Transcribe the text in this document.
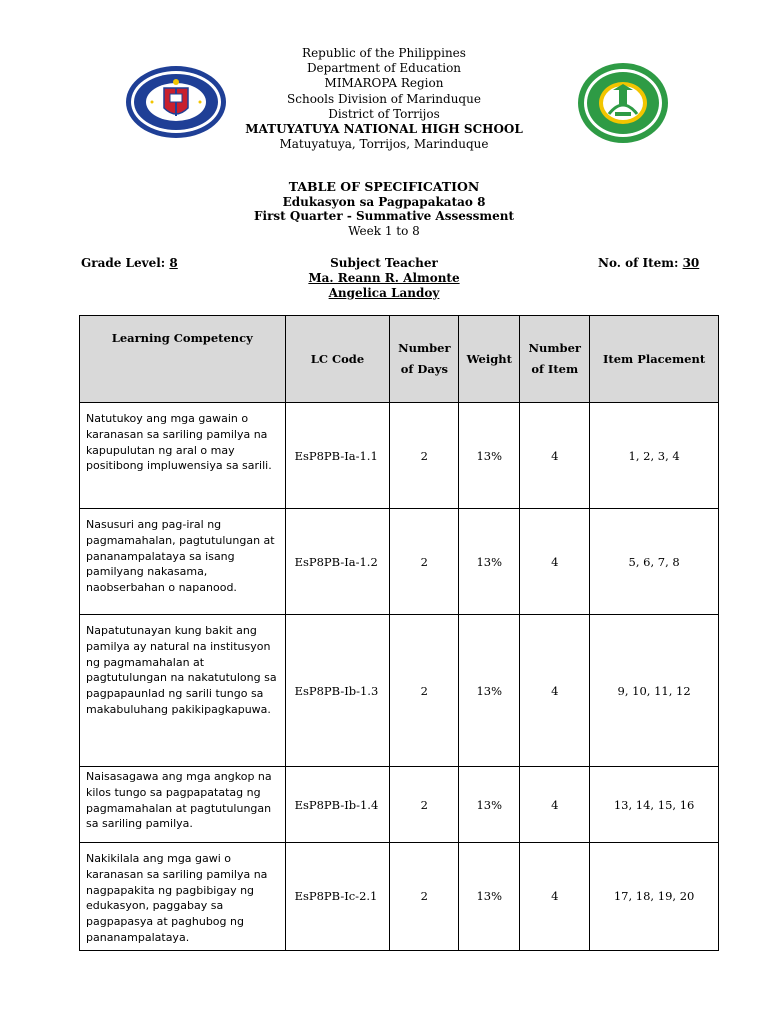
Republic of the Philippines
Department of Education
MIMAROPA Region
Schools Division of Marinduque
District of Torrijos
MATUYATUYA NATIONAL HIGH SCHOOL
Matuyatuya, Torrijos, Marinduque
TABLE OF SPECIFICATION
Edukasyon sa Pagpapakatao 8
First Quarter - Summative Assessment
Week 1 to 8
Grade Level: 8	Subject Teacher
Ma. Reann R. Almonte
Angelica Landoy
No. of Item: 30
Learning Competency	LC Code	Number of Days	Weight	Number of Item	Item Placement
Natutukoy ang mga gawain o karanasan sa sariling pamilya na kapupulutan ng aral o may positibong impluwensiya sa sarili.	EsP8PB-Ia-1.1	2	13%	4	1, 2, 3, 4
Nasusuri ang pag-iral ng pagmamahalan, pagtutulungan at pananampalataya sa isang pamilyang nakasama, naobserbahan o napanood.	EsP8PB-Ia-1.2	2	13%	4	5, 6, 7, 8
Napatutunayan kung bakit ang pamilya ay natural na institusyon ng pagmamahalan at pagtutulungan na nakatutulong sa pagpapaunlad ng sarili tungo sa makabuluhang pakikipagkapuwa.	EsP8PB-Ib-1.3	2	13%	4	9, 10, 11, 12
Naisasagawa ang mga angkop na kilos tungo sa pagpapatatag ng pagmamahalan at pagtutulungan sa sariling pamilya.	EsP8PB-Ib-1.4	2	13%	4	13, 14, 15, 16
Nakikilala ang mga gawi o karanasan sa sariling pamilya na nagpapakita ng pagbibigay ng edukasyon, paggabay sa pagpapasya at paghubog ng pananampalataya.	EsP8PB-Ic-2.1	2	13%	4	17, 18, 19, 20
